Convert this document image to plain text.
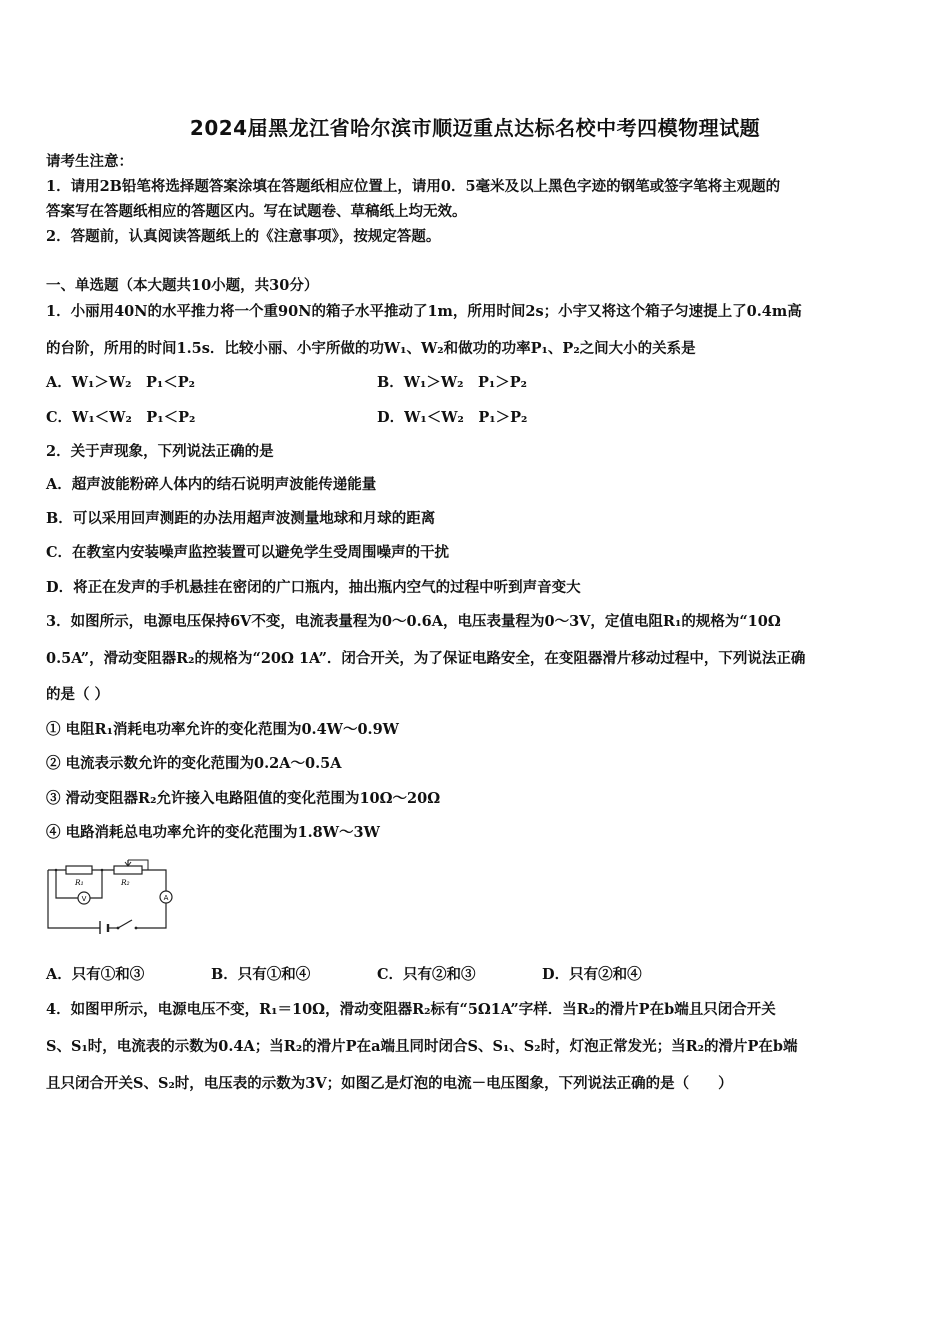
2024届黑龙江省哈尔滨市顺迈重点达标名校中考四模物理试题
请考生注意：
1．请用2B铅笔将选择题答案涂填在答题纸相应位置上，请用0．5毫米及以上黑色字迹的钢笔或签字笔将主观题的
答案写在答题纸相应的答题区内。写在试题卷、草稿纸上均无效。
2．答题前，认真阅读答题纸上的《注意事项》，按规定答题。
一、单选题（本大题共10小题，共30分）
1．小丽用40N的水平推力将一个重90N的箱子水平推动了1m，所用时间2s；小宇又将这个箱子匀速提上了0.4m高
的台阶，所用的时间1.5s．比较小丽、小宇所做的功W₁、W₂和做功的功率P₁、P₂之间大小的关系是
A．W₁＞W₂　P₁＜P₂	B．W₁＞W₂　P₁＞P₂
C．W₁＜W₂　P₁＜P₂	D．W₁＜W₂　P₁＞P₂
2．关于声现象，下列说法正确的是
A．超声波能粉碎人体内的结石说明声波能传递能量
B．可以采用回声测距的办法用超声波测量地球和月球的距离
C．在教室内安装噪声监控装置可以避免学生受周围噪声的干扰
D．将正在发声的手机悬挂在密闭的广口瓶内，抽出瓶内空气的过程中听到声音变大
3．如图所示，电源电压保持6V不变，电流表量程为0～0.6A，电压表量程为0～3V，定值电阻R₁的规格为“10Ω
0.5A”，滑动变阻器R₂的规格为“20Ω 1A”．闭合开关，为了保证电路安全，在变阻器滑片移动过程中，下列说法正确
的是（ ）
① 电阻R₁消耗电功率允许的变化范围为0.4W～0.9W
② 电流表示数允许的变化范围为0.2A～0.5A
③ 滑动变阻器R₂允许接入电路阻值的变化范围为10Ω～20Ω
④ 电路消耗总电功率允许的变化范围为1.8W～3W
V	A
R₁	R₂
A．只有①和③	B．只有①和④	C．只有②和③	D．只有②和④
4．如图甲所示，电源电压不变，R₁＝10Ω，滑动变阻器R₂标有“5Ω1A”字样．当R₂的滑片P在b端且只闭合开关
S、S₁时，电流表的示数为0.4A；当R₂的滑片P在a端且同时闭合S、S₁、S₂时，灯泡正常发光；当R₂的滑片P在b端
且只闭合开关S、S₂时，电压表的示数为3V；如图乙是灯泡的电流－电压图象，下列说法正确的是（　　）
